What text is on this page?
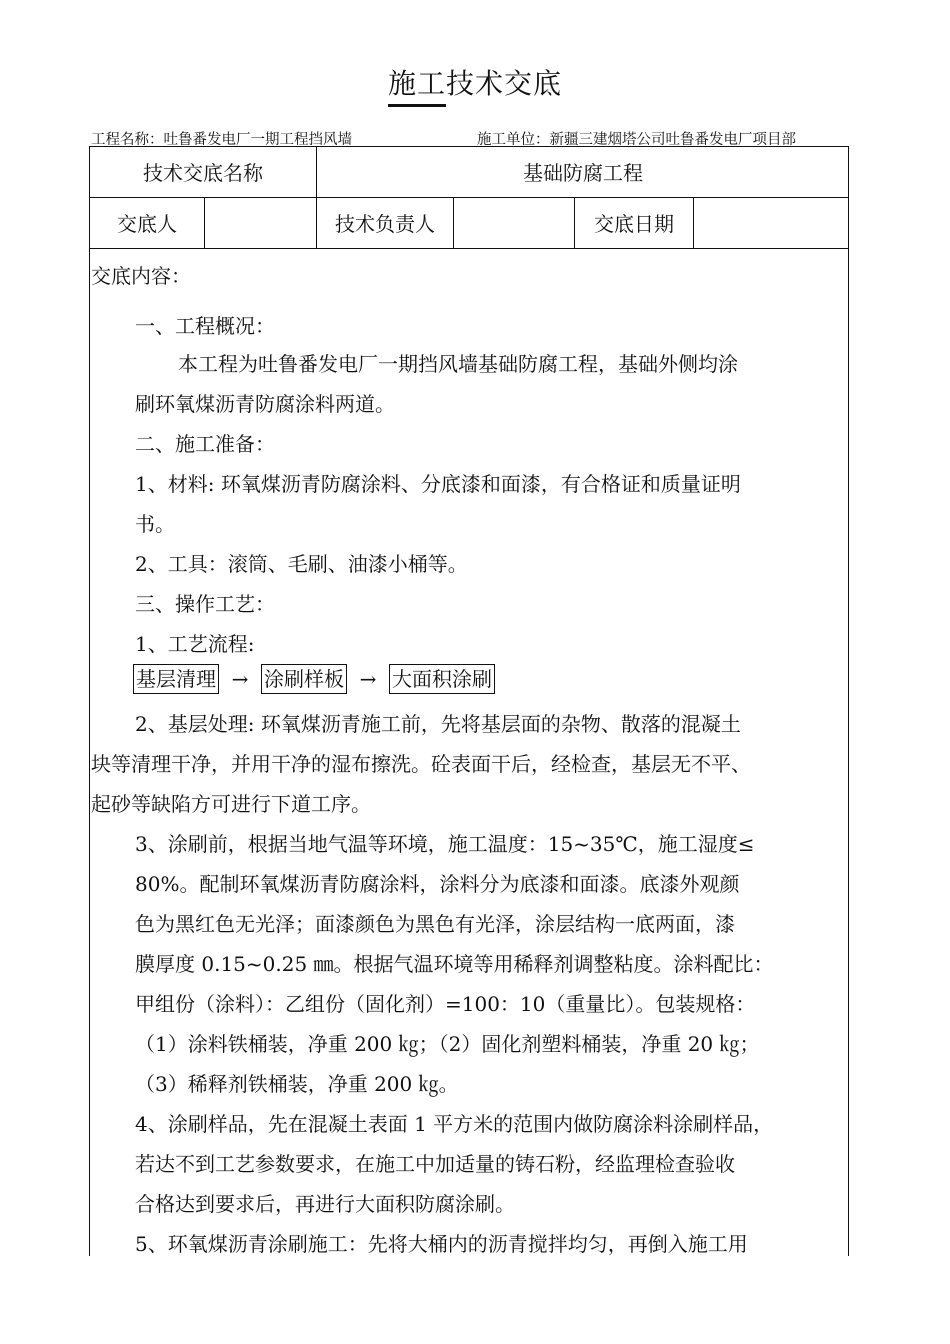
施工技术交底
工程名称：吐鲁番发电厂一期工程挡风墙	施工单位：新疆三建烟塔公司吐鲁番发电厂项目部
技术交底名称	基础防腐工程
交底人	技术负责人	交底日期
交底内容：
一、工程概况：
本工程为吐鲁番发电厂一期挡风墙基础防腐工程，基础外侧均涂
刷环氧煤沥青防腐涂料两道。
二、施工准备：
1、材料: 环氧煤沥青防腐涂料、分底漆和面漆，有合格证和质量证明
书。
2、工具：滚筒、毛刷、油漆小桶等。
三、操作工艺：
1、工艺流程:
基层清理 → 涂刷样板 → 大面积涂刷
2、基层处理: 环氧煤沥青施工前，先将基层面的杂物、散落的混凝土
块等清理干净，并用干净的湿布擦洗。砼表面干后，经检查，基层无不平、
起砂等缺陷方可进行下道工序。
3、涂刷前，根据当地气温等环境，施工温度：15~35℃，施工湿度≤
80%。配制环氧煤沥青防腐涂料，涂料分为底漆和面漆。底漆外观颜
色为黑红色无光泽；面漆颜色为黑色有光泽，涂层结构一底两面，漆
膜厚度 0.15~0.25 ㎜。根据气温环境等用稀释剂调整粘度。涂料配比：
甲组份（涂料）：乙组份（固化剂）=100：10（重量比）。包装规格：
（1）涂料铁桶装，净重 200 ㎏；（2）固化剂塑料桶装，净重 20 ㎏；
（3）稀释剂铁桶装，净重 200 ㎏。
4、涂刷样品，先在混凝土表面 1 平方米的范围内做防腐涂料涂刷样品，
若达不到工艺参数要求，在施工中加适量的铸石粉，经监理检查验收
合格达到要求后，再进行大面积防腐涂刷。
5、环氧煤沥青涂刷施工：先将大桶内的沥青搅拌均匀，再倒入施工用
